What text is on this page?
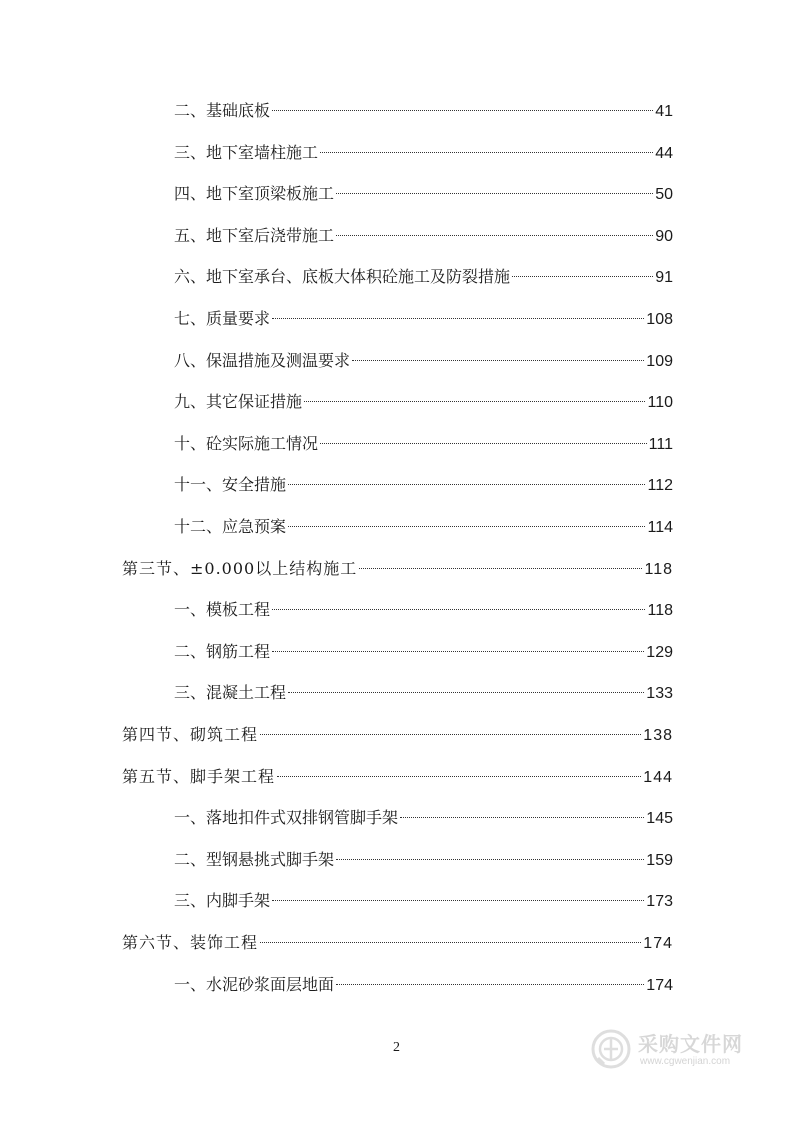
二、基础底板	41
三、地下室墙柱施工	44
四、地下室顶梁板施工	50
五、地下室后浇带施工	90
六、地下室承台、底板大体积砼施工及防裂措施	91
七、质量要求	108
八、保温措施及测温要求	109
九、其它保证措施	110
十、砼实际施工情况	111
十一、安全措施	112
十二、应急预案	114
第三节、±0.000以上结构施工	118
一、模板工程	118
二、钢筋工程	129
三、混凝土工程	133
第四节、砌筑工程	138
第五节、脚手架工程	144
一、落地扣件式双排钢管脚手架	145
二、型钢悬挑式脚手架	159
三、内脚手架	173
第六节、装饰工程	174
一、水泥砂浆面层地面	174
2	采购文件网
www.cgwenjian.com
